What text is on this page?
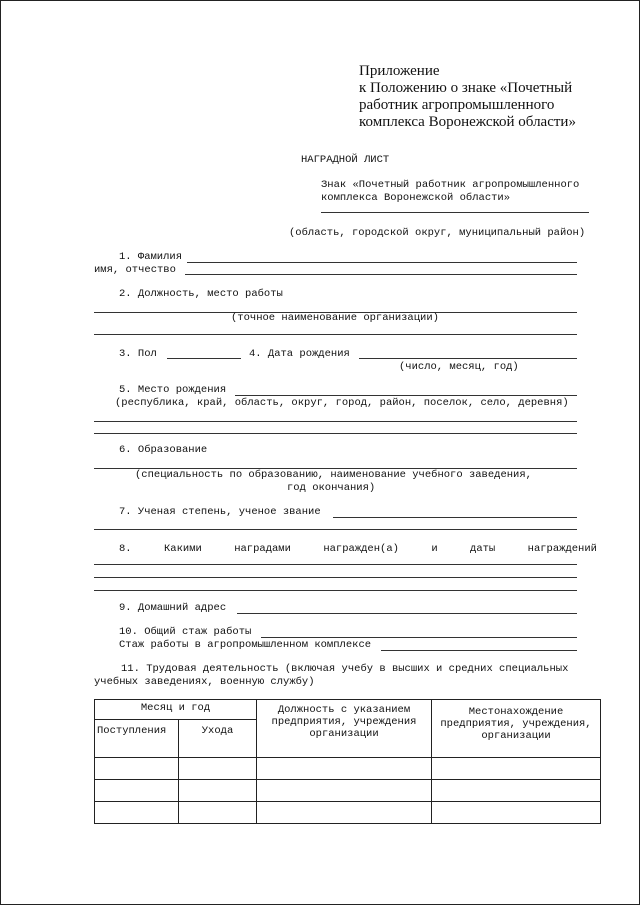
Приложение
к Положению о знаке «Почетный
работник агропромышленного
комплекса Воронежской области»
НАГРАДНОЙ ЛИСТ
Знак «Почетный работник агропромышленного
комплекса Воронежской области»
(область, городской округ, муниципальный район)
1. Фамилия
имя, отчество
2. Должность, место работы
(точное наименование организации)
3. Пол	4. Дата рождения
(число, месяц, год)
5. Место рождения
(республика, край, область, округ, город, район, поселок, село, деревня)
6. Образование
(специальность по образованию, наименование учебного заведения,
год окончания)
7. Ученая степень, ученое звание
8.	Какими	наградами	награжден(а)	и	даты	награждений
9. Домашний адрес
10. Общий стаж работы
Стаж работы в агропромышленном комплексе
11. Трудовая деятельность (включая учебу в высших и средних специальных
учебных заведениях, военную службу)
Месяц и год		Должность с указанием предприятия, учреждения организации	Местонахождение предприятия, учреждения, организации
Поступления	Ухода		
